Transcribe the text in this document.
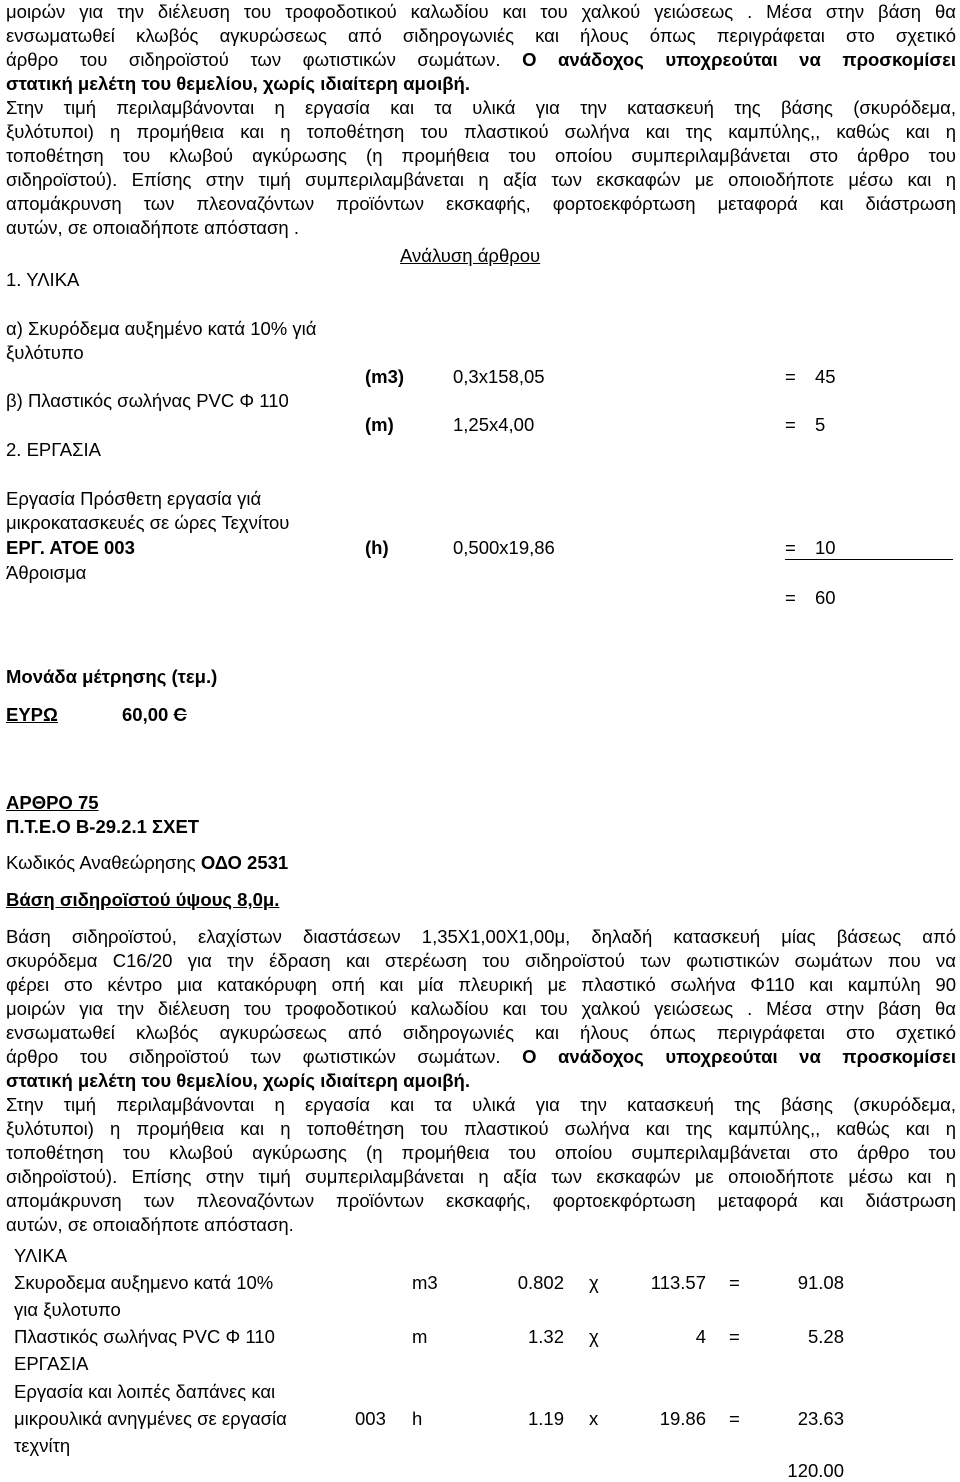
μοιρών για την διέλευση του τροφοδοτικού καλωδίου και του χαλκού γειώσεως . Μέσα στην βάση θα
ενσωματωθεί κλωβός αγκυρώσεως από σιδηρογωνιές και ήλους όπως περιγράφεται στο σχετικό
άρθρο του σιδηροϊστού των φωτιστικών σωμάτων. Ο ανάδοχος υποχρεούται να προσκομίσει
στατική μελέτη του θεμελίου, χωρίς ιδιαίτερη αμοιβή.
Στην τιμή περιλαμβάνονται η εργασία και τα υλικά για την κατασκευή της βάσης (σκυρόδεμα,
ξυλότυποι) η προμήθεια και η τοποθέτηση του πλαστικού σωλήνα και της καμπύλης,, καθώς και η
τοποθέτηση του κλωβού αγκύρωσης (η προμήθεια του οποίου συμπεριλαμβάνεται στο άρθρο του
σιδηροϊστού). Επίσης στην τιμή συμπεριλαμβάνεται η αξία των εκσκαφών με οποιοδήποτε μέσω και η
απομάκρυνση των πλεοναζόντων προϊόντων εκσκαφής, φορτοεκφόρτωση μεταφορά και διάστρωση
αυτών, σε οποιαδήποτε απόσταση .
Ανάλυση άρθρου
1. ΥΛΙΚΑ
α) Σκυρόδεμα αυξημένο κατά 10% γιά
ξυλότυπο
(m3)	0,3x158,05	= 45
β) Πλαστικός σωλήνας PVC Φ 110
(m)	1,25x4,00	= 5
2. ΕΡΓΑΣΙΑ
Εργασία Πρόσθετη εργασία γιά
μικροκατασκευές σε ώρες Τεχνίτου
ΕΡΓ. ΑΤΟΕ 003	(h)	0,500x19,86	= 10
Άθροισμα
= 60
Μονάδα μέτρησης (τεμ.)
ΕΥΡΩ	60,00 C
ΑΡΘΡΟ 75
Π.Τ.Ε.Ο Β-29.2.1 ΣΧΕΤ
Κωδικός Αναθεώρησης ΟΔΟ 2531
Βάση σιδηροϊστού ύψους 8,0μ.
Βάση σιδηροϊστού, ελαχίστων διαστάσεων 1,35Χ1,00Χ1,00μ, δηλαδή κατασκευή μίας βάσεως από
σκυρόδεμα C16/20 για την έδραση και στερέωση του σιδηροϊστού των φωτιστικών σωμάτων που να
φέρει στο κέντρο μια κατακόρυφη οπή και μία πλευρική με πλαστικό σωλήνα Φ110 και καμπύλη 90
μοιρών για την διέλευση του τροφοδοτικού καλωδίου και του χαλκού γειώσεως . Μέσα στην βάση θα
ενσωματωθεί κλωβός αγκυρώσεως από σιδηρογωνιές και ήλους όπως περιγράφεται στο σχετικό
άρθρο του σιδηροϊστού των φωτιστικών σωμάτων. Ο ανάδοχος υποχρεούται να προσκομίσει
στατική μελέτη του θεμελίου, χωρίς ιδιαίτερη αμοιβή.
Στην τιμή περιλαμβάνονται η εργασία και τα υλικά για την κατασκευή της βάσης (σκυρόδεμα,
ξυλότυποι) η προμήθεια και η τοποθέτηση του πλαστικού σωλήνα και της καμπύλης,, καθώς και η
τοποθέτηση του κλωβού αγκύρωσης (η προμήθεια του οποίου συμπεριλαμβάνεται στο άρθρο του
σιδηροϊστού). Επίσης στην τιμή συμπεριλαμβάνεται η αξία των εκσκαφών με οποιοδήποτε μέσω και η
απομάκρυνση των πλεοναζόντων προϊόντων εκσκαφής, φορτοεκφόρτωση μεταφορά και διάστρωση
αυτών, σε οποιαδήποτε απόσταση.
ΥΛΙΚΑ
Σκυροδεμα αυξημενο κατά 10%	m3	0.802 χ	113.57 =	91.08
για ξυλοτυπο
Πλαστικός σωλήνας PVC Φ 110	m	1.32 χ	4 =	5.28
ΕΡΓΑΣΙΑ
Εργασία και λοιπές δαπάνες και
μικρουλικά ανηγμένες σε εργασία	003 h	1.19 x	19.86 =	23.63
τεχνίτη
120.00
